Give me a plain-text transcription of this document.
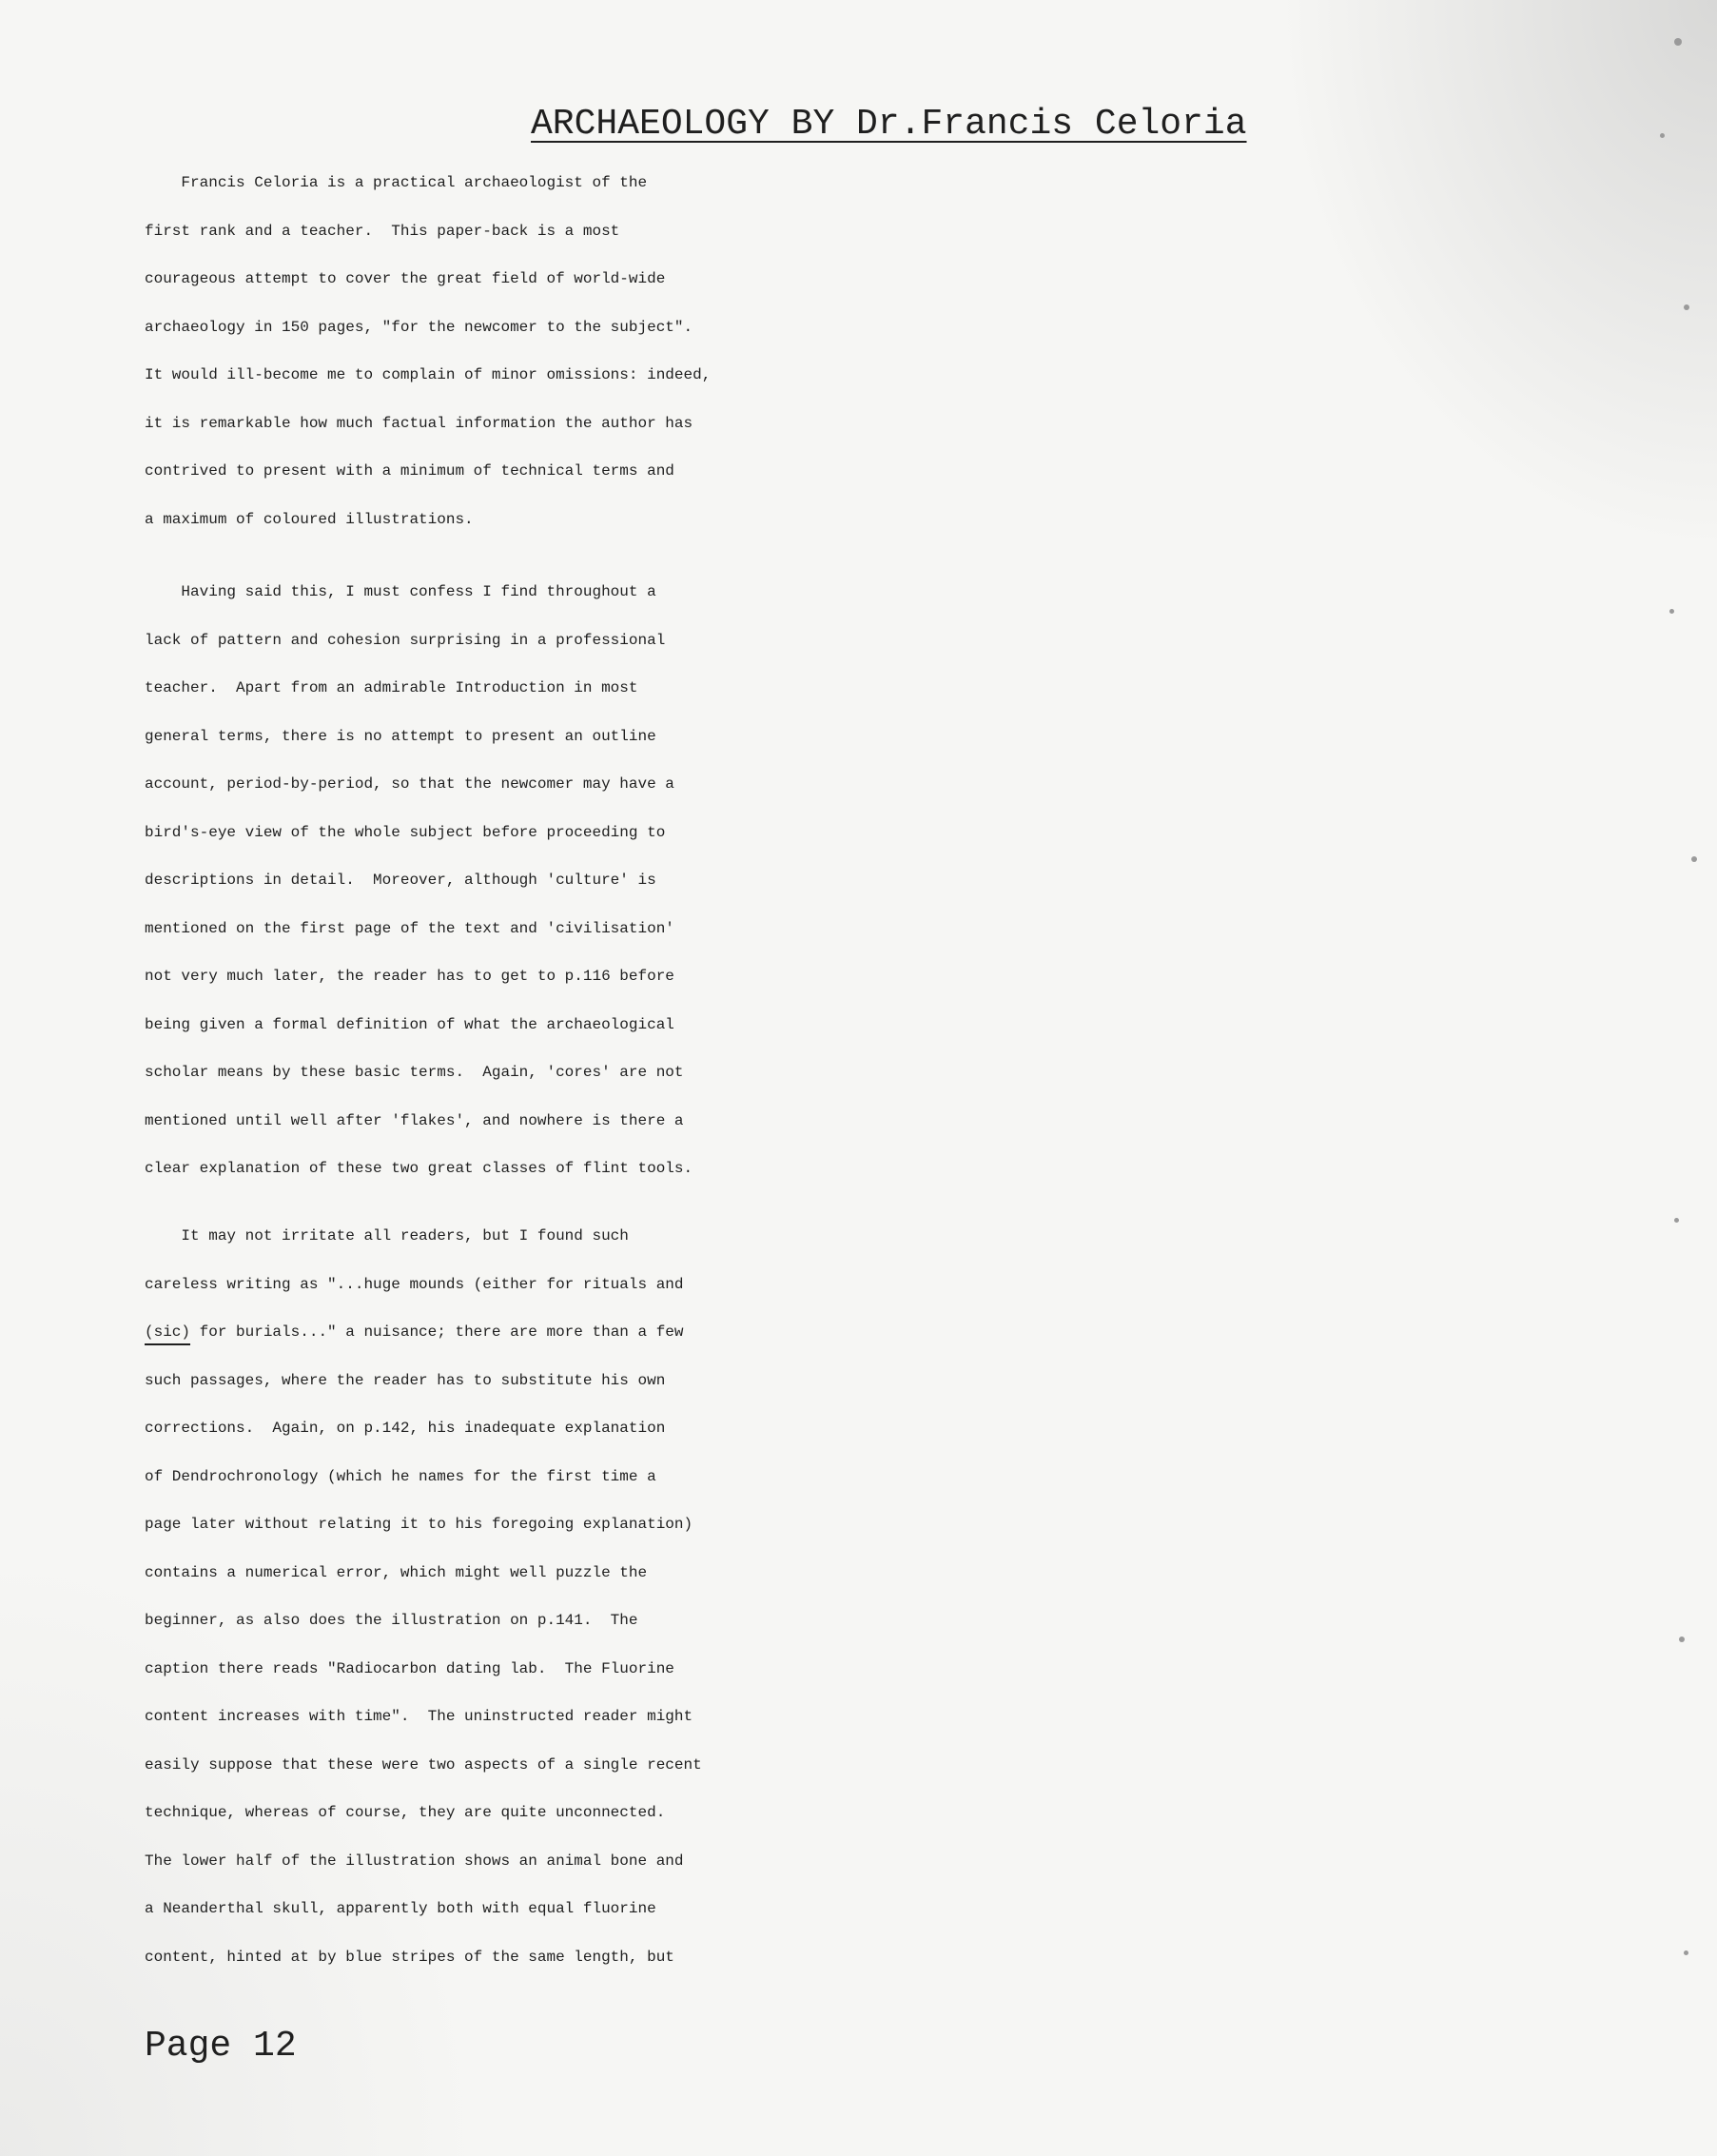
ARCHAEOLOGY BY Dr.Francis Celoria
Francis Celoria is a practical archaeologist of the
first rank and a teacher.  This paper-back is a most
courageous attempt to cover the great field of world-wide
archaeology in 150 pages, "for the newcomer to the subject".
It would ill-become me to complain of minor omissions: indeed,
it is remarkable how much factual information the author has
contrived to present with a minimum of technical terms and
a maximum of coloured illustrations.
Having said this, I must confess I find throughout a
lack of pattern and cohesion surprising in a professional
teacher.  Apart from an admirable Introduction in most
general terms, there is no attempt to present an outline
account, period-by-period, so that the newcomer may have a
bird's-eye view of the whole subject before proceeding to
descriptions in detail.  Moreover, although 'culture' is
mentioned on the first page of the text and 'civilisation'
not very much later, the reader has to get to p.116 before
being given a formal definition of what the archaeological
scholar means by these basic terms.  Again, 'cores' are not
mentioned until well after 'flakes', and nowhere is there a
clear explanation of these two great classes of flint tools.
It may not irritate all readers, but I found such
careless writing as "...huge mounds (either for rituals and
(sic) for burials..." a nuisance; there are more than a few
such passages, where the reader has to substitute his own
corrections.  Again, on p.142, his inadequate explanation
of Dendrochronology (which he names for the first time a
page later without relating it to his foregoing explanation)
contains a numerical error, which might well puzzle the
beginner, as also does the illustration on p.141.  The
caption there reads "Radiocarbon dating lab.  The Fluorine
content increases with time".  The uninstructed reader might
easily suppose that these were two aspects of a single recent
technique, whereas of course, they are quite unconnected.
The lower half of the illustration shows an animal bone and
a Neanderthal skull, apparently both with equal fluorine
content, hinted at by blue stripes of the same length, but
Page 12
